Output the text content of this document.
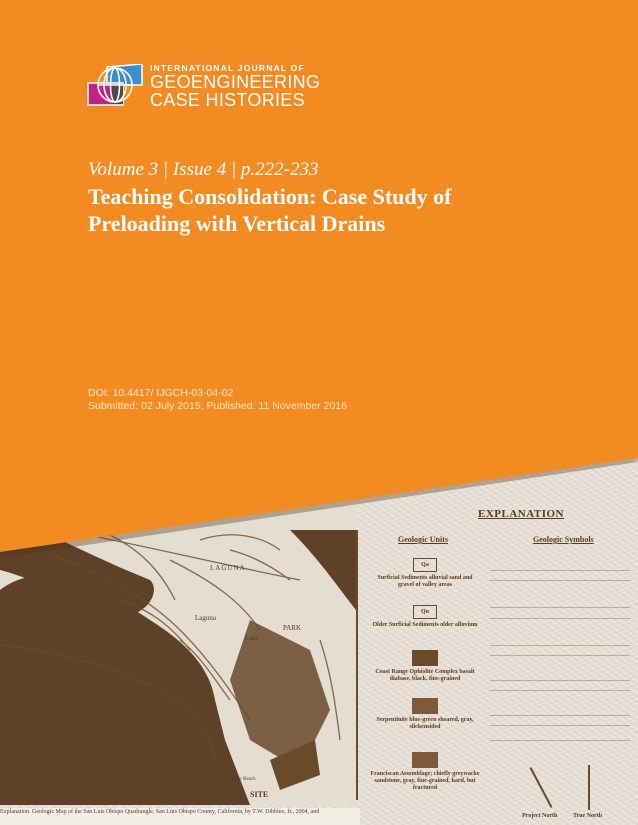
LAGUNA
Laguna
Lake
PARK
SITE
Pacific Beach
Explanation. Geologic Map of the San Luis Obispo Quadrangle, San Luis Obispo County, California, by T.W. Dibblee, Jr., 2004, and
EXPLANATION
Geologic Units	Geologic Symbols
Qa
Surficial Sediments alluvial sand and gravel of valley areas
Qu
Older Surficial Sediments older alluvium
Coast Range Ophiolite Complex basalt diabase, black, fine-grained
Serpentinite blue-green sheared, gray, slickensided
Franciscan Assemblage; chiefly greywacke sandstone, gray, fine-grained, hard, but fractured
Project North	True North
INTERNATIONAL JOURNAL OF
GEOENGINEERING
CASE HISTORIES
Volume 3 | Issue 4 | p.222-233
Teaching Consolidation: Case Study of
Preloading with Vertical Drains
DOI: 10.4417/ IJGCH-03-04-02
Submitted: 02 July 2015; Published: 11 November 2016
